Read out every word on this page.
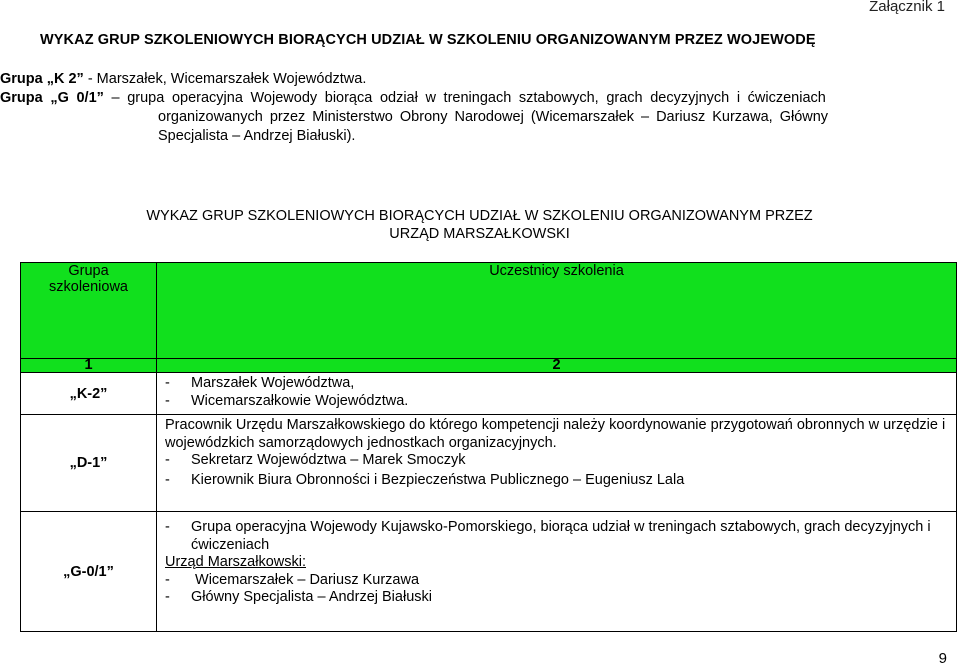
Załącznik 1
WYKAZ GRUP SZKOLENIOWYCH BIORĄCYCH UDZIAŁ W SZKOLENIU ORGANIZOWANYM PRZEZ WOJEWODĘ
Grupa „K 2” - Marszałek, Wicemarszałek Województwa.
Grupa „G 0/1” – grupa operacyjna Wojewody biorąca odział w treningach sztabowych, grach decyzyjnych i ćwiczeniach
organizowanych przez Ministerstwo Obrony Narodowej (Wicemarszałek – Dariusz Kurzawa, Główny
Specjalista – Andrzej Białuski).
WYKAZ GRUP SZKOLENIOWYCH BIORĄCYCH UDZIAŁ W SZKOLENIU ORGANIZOWANYM PRZEZ
URZĄD MARSZAŁKOWSKI
Grupa szkoleniowa	Uczestnicy szkolenia
1	2
„K-2”	- Marszałek Województwa,
- Wicemarszałkowie Województwa.

„D-1”	Pracownik Urzędu Marszałkowskiego do którego kompetencji należy koordynowanie przygotowań obronnych w urzędzie i wojewódzkich samorządowych jednostkach organizacyjnych.
- Sekretarz Województwa – Marek Smoczyk
- Kierownik Biura Obronności i Bezpieczeństwa Publicznego – Eugeniusz Lala

„G-0/1”	- Grupa operacyjna Wojewody Kujawsko-Pomorskiego, biorąca udział w treningach sztabowych, grach decyzyjnych i ćwiczeniach
Urząd Marszałkowski:
- Wicemarszałek – Dariusz Kurzawa
- Główny Specjalista – Andrzej Białuski
9
